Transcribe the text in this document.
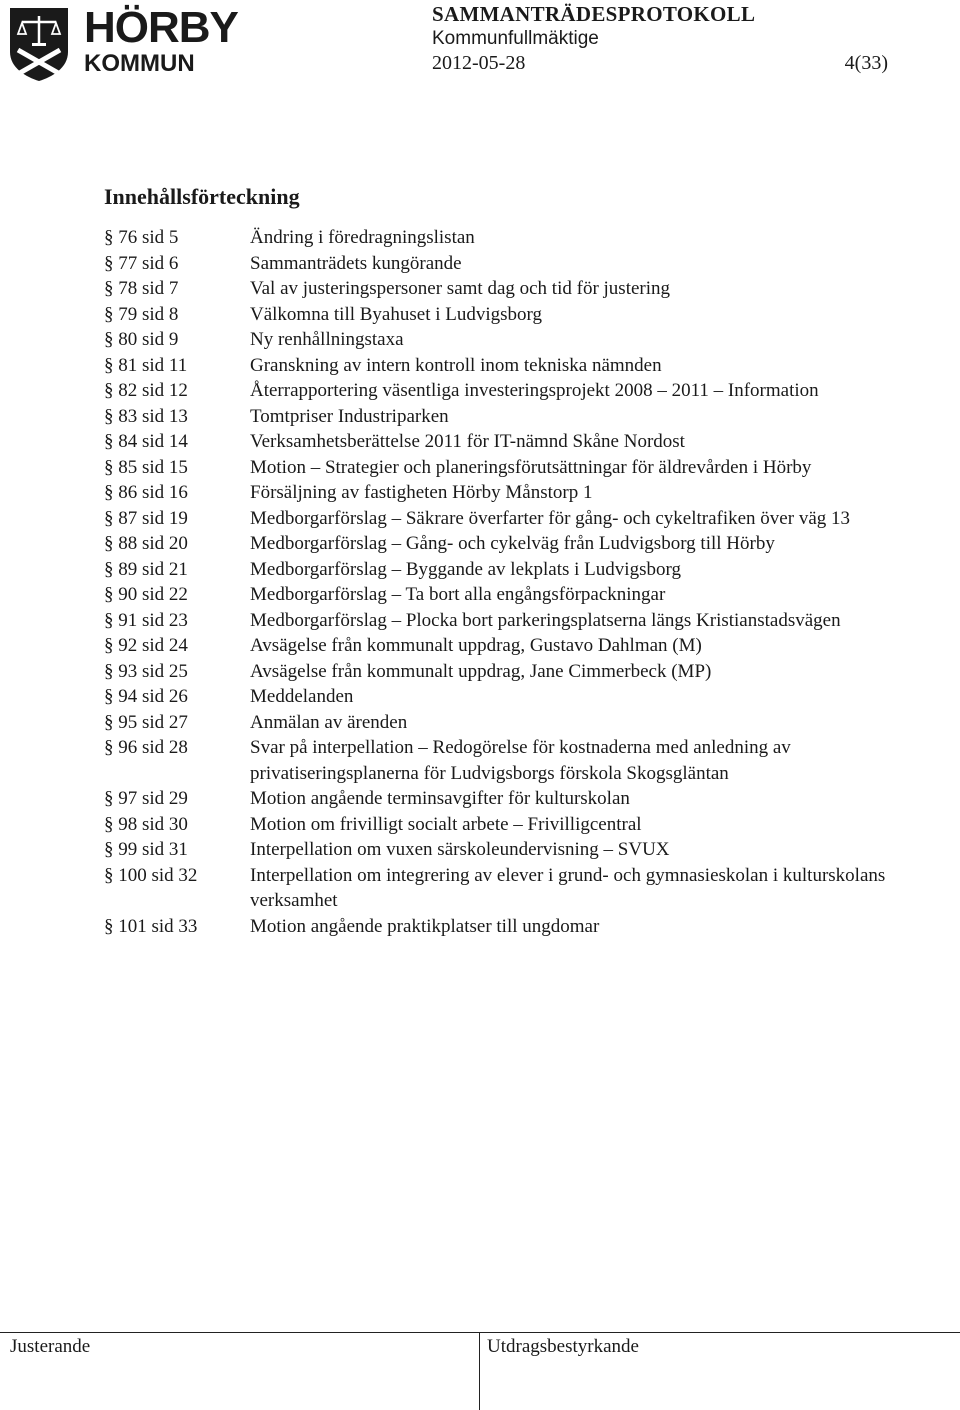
HÖRBY
KOMMUN
SAMMANTRÄDESPROTOKOLL
Kommunfullmäktige
2012-05-28	4(33)
Innehållsförteckning
§ 76 sid 5	Ändring i föredragningslistan
§ 77 sid 6	Sammanträdets kungörande
§ 78 sid 7	Val av justeringspersoner samt dag och tid för justering
§ 79 sid 8	Välkomna till Byahuset i Ludvigsborg
§ 80 sid 9	Ny renhållningstaxa
§ 81 sid 11	Granskning av intern kontroll inom tekniska nämnden
§ 82 sid 12	Återrapportering väsentliga investeringsprojekt 2008 – 2011 – Information
§ 83 sid 13	Tomtpriser Industriparken
§ 84 sid 14	Verksamhetsberättelse 2011 för IT-nämnd Skåne Nordost
§ 85 sid 15	Motion – Strategier och planeringsförutsättningar för äldrevården i Hörby
§ 86 sid 16	Försäljning av fastigheten Hörby Månstorp 1
§ 87 sid 19	Medborgarförslag – Säkrare överfarter för gång- och cykeltrafiken över väg 13
§ 88 sid 20	Medborgarförslag – Gång- och cykelväg från Ludvigsborg till Hörby
§ 89 sid 21	Medborgarförslag – Byggande av lekplats i Ludvigsborg
§ 90 sid 22	Medborgarförslag – Ta bort alla engångsförpackningar
§ 91 sid 23	Medborgarförslag – Plocka bort parkeringsplatserna längs Kristianstadsvägen
§ 92 sid 24	Avsägelse från kommunalt uppdrag, Gustavo Dahlman (M)
§ 93 sid 25	Avsägelse från kommunalt uppdrag, Jane Cimmerbeck (MP)
§ 94 sid 26	Meddelanden
§ 95 sid 27	Anmälan av ärenden
§ 96 sid 28	Svar på interpellation – Redogörelse för kostnaderna med anledning av privatiseringsplanerna för Ludvigsborgs förskola Skogsgläntan
§ 97 sid 29	Motion angående terminsavgifter för kulturskolan
§ 98 sid 30	Motion om frivilligt socialt arbete – Frivilligcentral
§ 99 sid 31	Interpellation om vuxen särskoleundervisning – SVUX
§ 100 sid 32	Interpellation om integrering av elever i grund- och gymnasieskolan i kulturskolans verksamhet
§ 101 sid 33	Motion angående praktikplatser till ungdomar
Justerande	Utdragsbestyrkande
